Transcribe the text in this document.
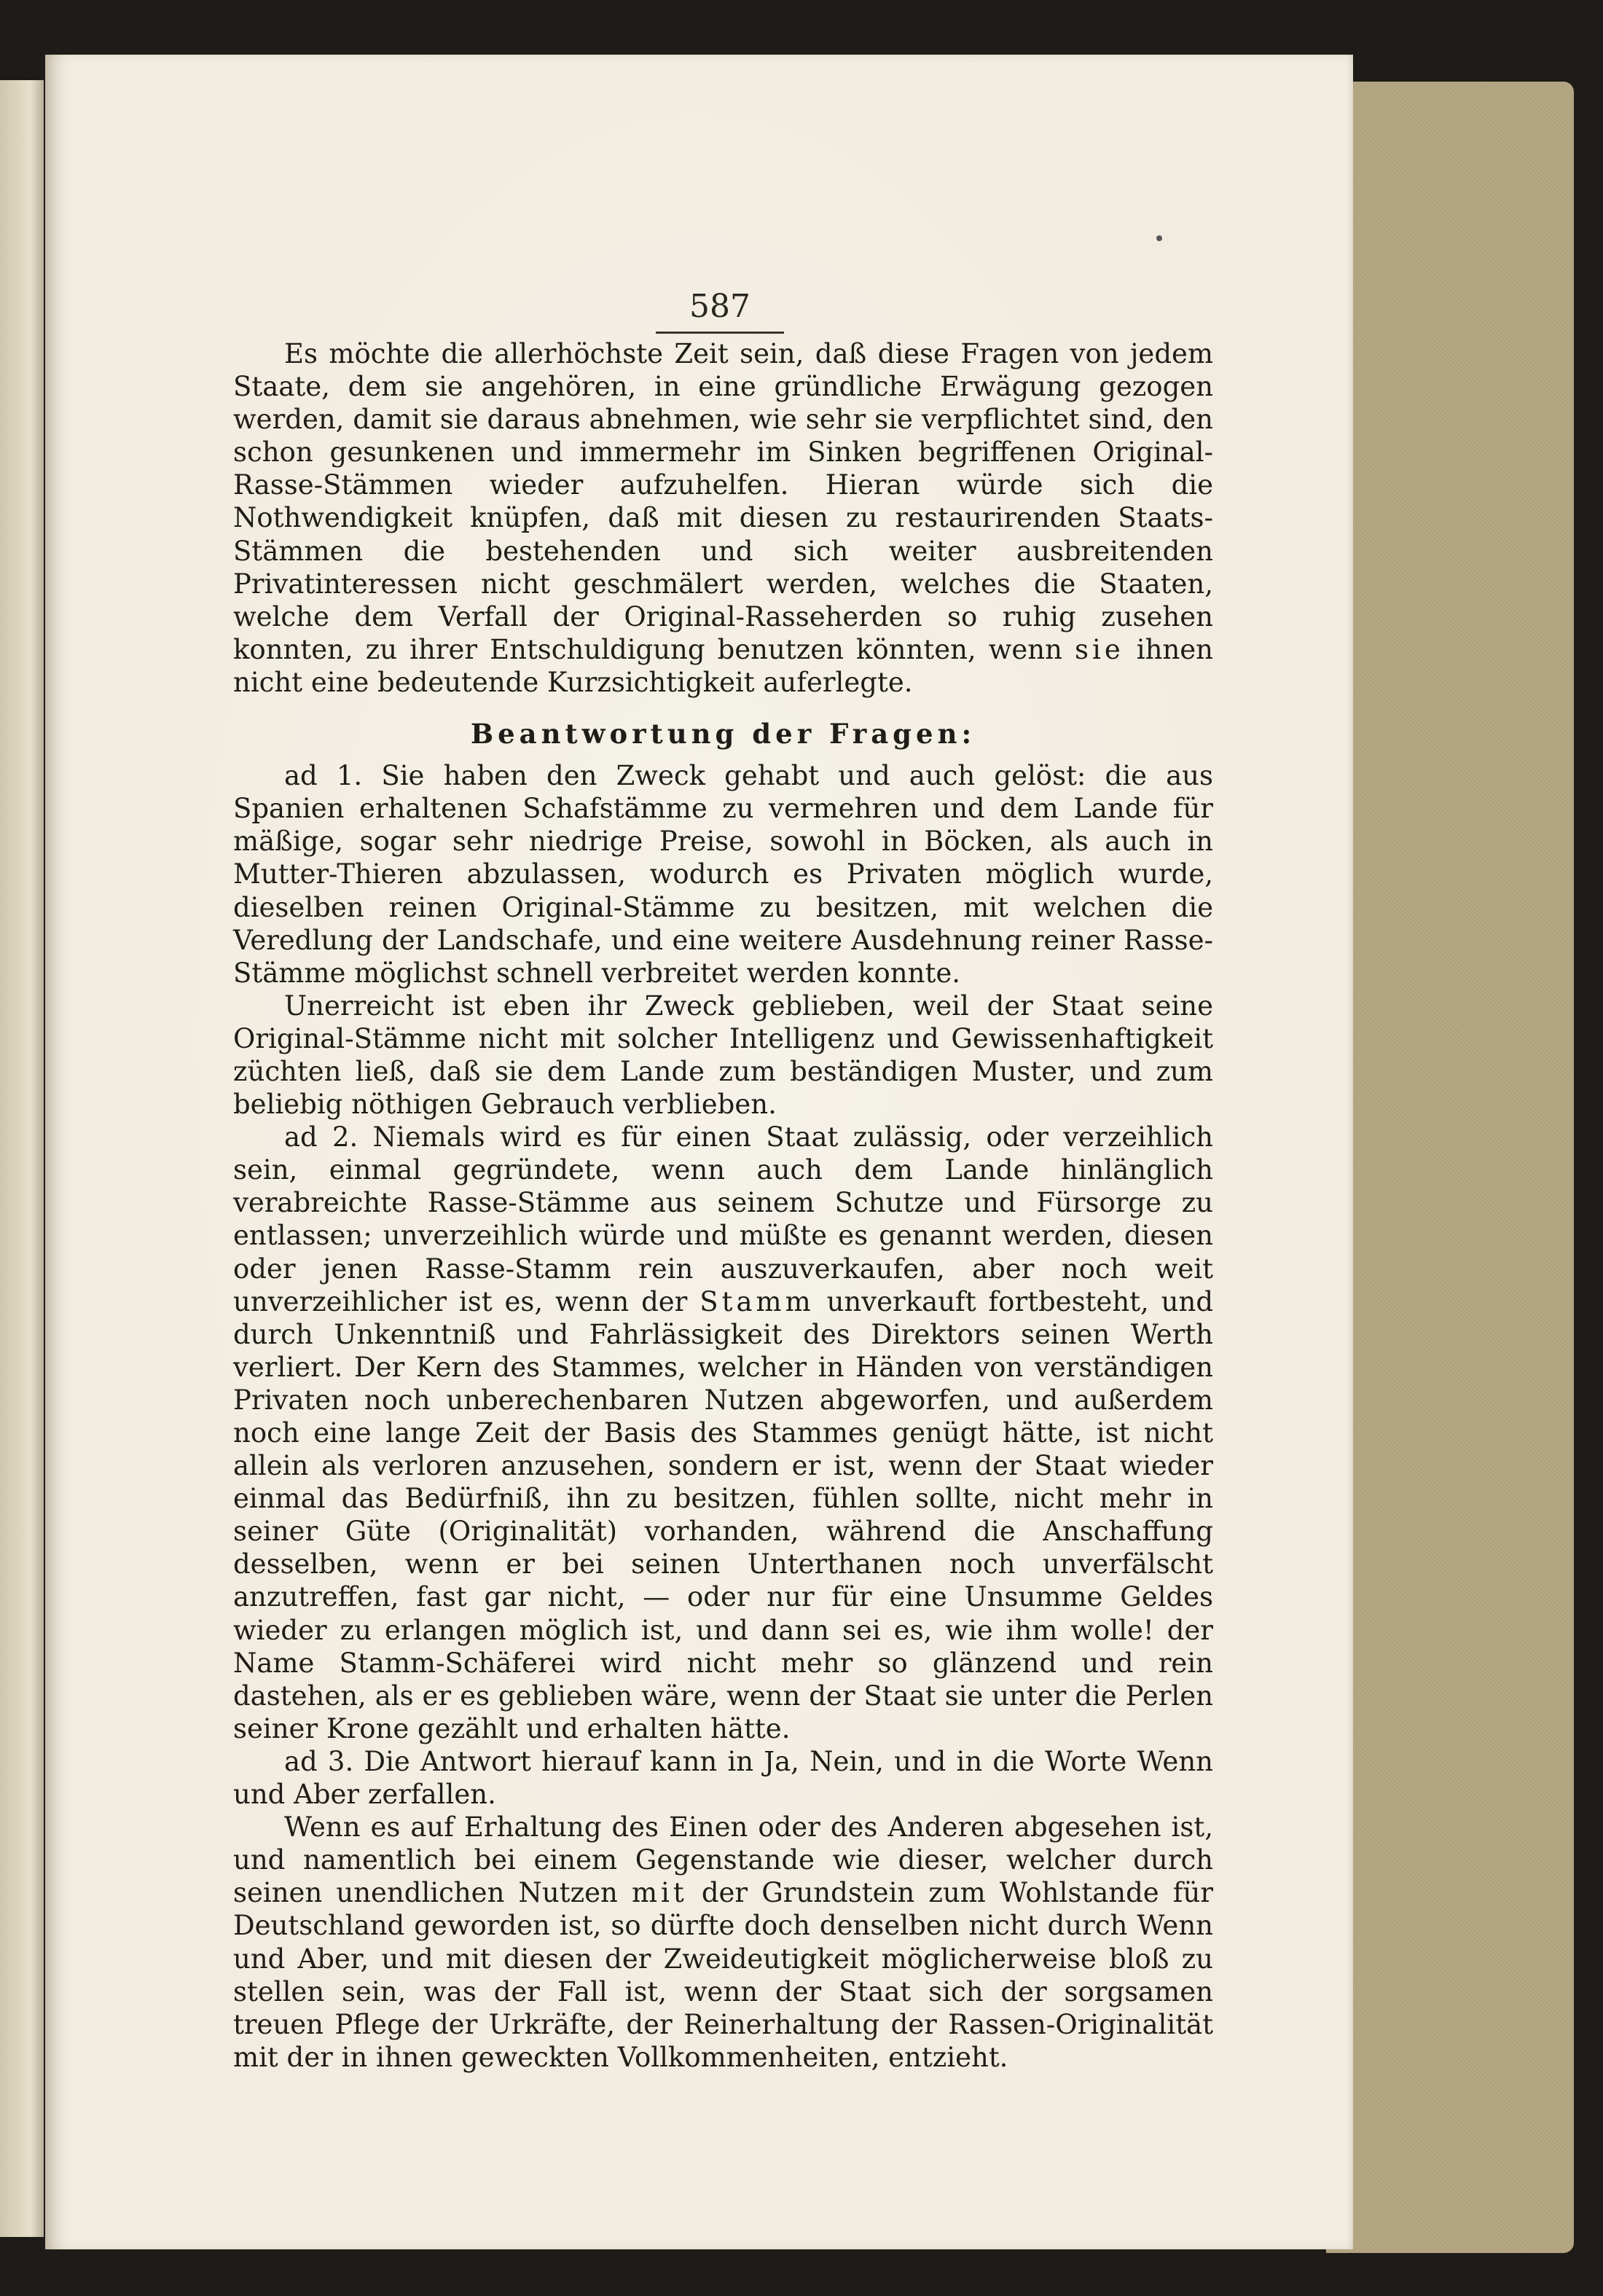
587

Es möchte die allerhöchste Zeit sein, daß diese Fragen von jedem Staate, dem sie angehören, in eine gründliche Erwägung gezogen werden, damit sie daraus abnehmen, wie sehr sie verpflichtet sind, den schon gesunkenen und immermehr im Sinken begriffenen Original-Rasse-Stämmen wieder aufzuhelfen. Hieran würde sich die Nothwendigkeit knüpfen, daß mit diesen zu restaurirenden Staats-Stämmen die bestehenden und sich weiter ausbreitenden Privatinteressen nicht geschmälert werden, welches die Staaten, welche dem Verfall der Original-Rasseherden so ruhig zusehen konnten, zu ihrer Entschuldigung benutzen könnten, wenn sie ihnen nicht eine bedeutende Kurzsichtigkeit auferlegte.

Beantwortung der Fragen:

ad 1. Sie haben den Zweck gehabt und auch gelöst: die aus Spanien erhaltenen Schafstämme zu vermehren und dem Lande für mäßige, sogar sehr niedrige Preise, sowohl in Böcken, als auch in Mutter-Thieren abzulassen, wodurch es Privaten möglich wurde, dieselben reinen Original-Stämme zu besitzen, mit welchen die Veredlung der Landschafe, und eine weitere Ausdehnung reiner Rasse-Stämme möglichst schnell verbreitet werden konnte.

Unerreicht ist eben ihr Zweck geblieben, weil der Staat seine Original-Stämme nicht mit solcher Intelligenz und Gewissenhaftigkeit züchten ließ, daß sie dem Lande zum beständigen Muster, und zum beliebig nöthigen Gebrauch verblieben.

ad 2. Niemals wird es für einen Staat zulässig, oder verzeihlich sein, einmal gegründete, wenn auch dem Lande hinlänglich verabreichte Rasse-Stämme aus seinem Schutze und Fürsorge zu entlassen; unverzeihlich würde und müßte es genannt werden, diesen oder jenen Rasse-Stamm rein auszuverkaufen, aber noch weit unverzeihlicher ist es, wenn der Stamm unverkauft fortbesteht, und durch Unkenntniß und Fahrlässigkeit des Direktors seinen Werth verliert. Der Kern des Stammes, welcher in Händen von verständigen Privaten noch unberechenbaren Nutzen abgeworfen, und außerdem noch eine lange Zeit der Basis des Stammes genügt hätte, ist nicht allein als verloren anzusehen, sondern er ist, wenn der Staat wieder einmal das Bedürfniß, ihn zu besitzen, fühlen sollte, nicht mehr in seiner Güte (Originalität) vorhanden, während die Anschaffung desselben, wenn er bei seinen Unterthanen noch unverfälscht anzutreffen, fast gar nicht, — oder nur für eine Unsumme Geldes wieder zu erlangen möglich ist, und dann sei es, wie ihm wolle! der Name Stamm-Schäferei wird nicht mehr so glänzend und rein dastehen, als er es geblieben wäre, wenn der Staat sie unter die Perlen seiner Krone gezählt und erhalten hätte.

ad 3. Die Antwort hierauf kann in Ja, Nein, und in die Worte Wenn und Aber zerfallen.

Wenn es auf Erhaltung des Einen oder des Anderen abgesehen ist, und namentlich bei einem Gegenstande wie dieser, welcher durch seinen unendlichen Nutzen mit der Grundstein zum Wohlstande für Deutschland geworden ist, so dürfte doch denselben nicht durch Wenn und Aber, und mit diesen der Zweideutigkeit möglicherweise bloß zu stellen sein, was der Fall ist, wenn der Staat sich der sorgsamen treuen Pflege der Urkräfte, der Reinerhaltung der Rassen-Originalität mit der in ihnen geweckten Vollkommenheiten, entzieht.
